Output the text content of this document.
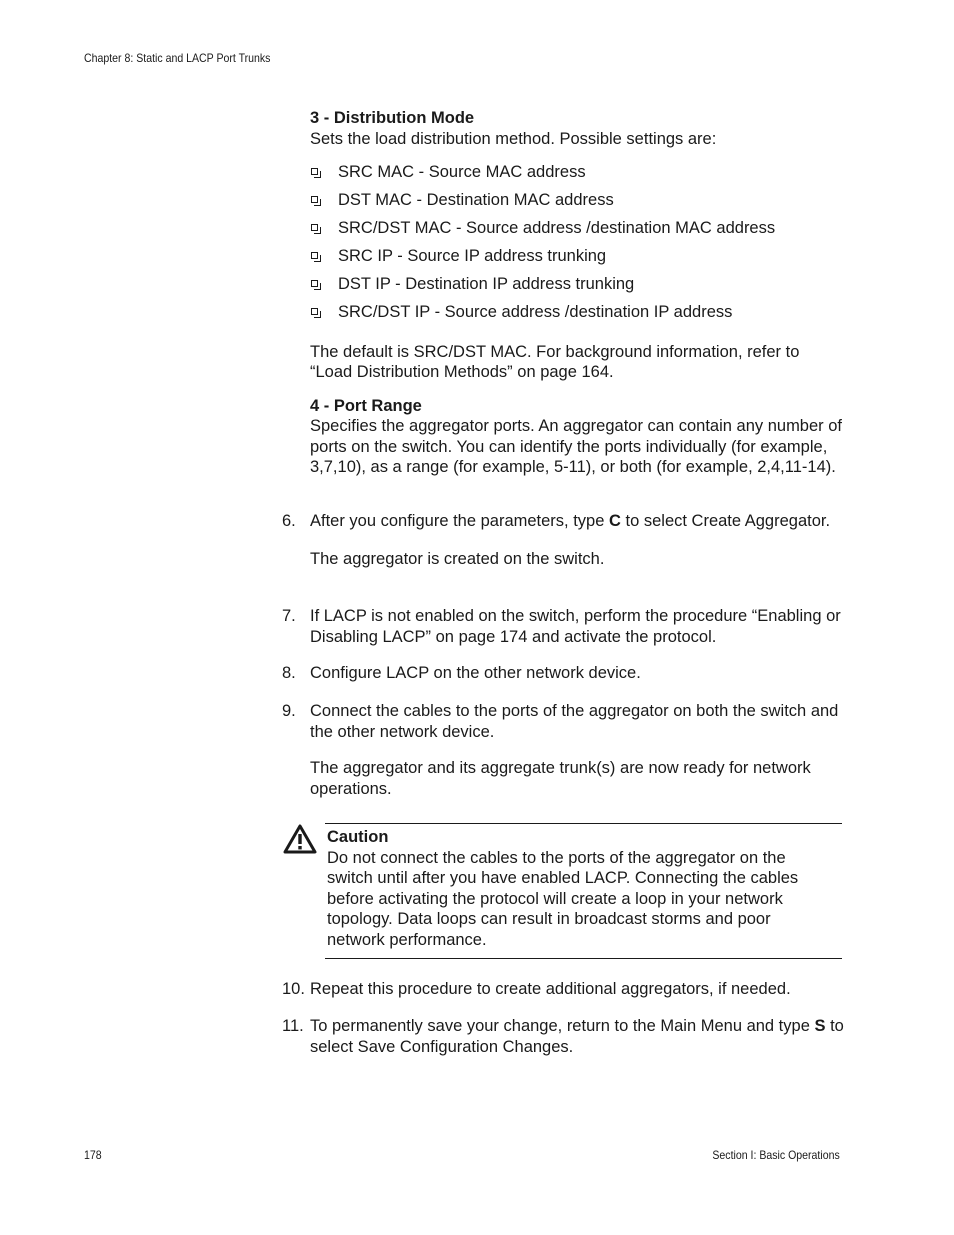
Chapter 8: Static and LACP Port Trunks
3 - Distribution Mode

Sets the load distribution method. Possible settings are:

SRC MAC - Source MAC address
DST MAC - Destination MAC address
SRC/DST MAC - Source address /destination MAC address
SRC IP - Source IP address trunking
DST IP - Destination IP address trunking
SRC/DST IP - Source address /destination IP address

The default is SRC/DST MAC. For background information, refer to “Load Distribution Methods” on page 164.

4 - Port Range

Specifies the aggregator ports. An aggregator can contain any number of ports on the switch. You can identify the ports individually (for example, 3,7,10), as a range (for example, 5-11), or both (for example, 2,4,11-14).

6. After you configure the parameters, type C to select Create Aggregator.
The aggregator is created on the switch.
7. If LACP is not enabled on the switch, perform the procedure “Enabling or Disabling LACP” on page 174 and activate the protocol.
8. Configure LACP on the other network device.
9. Connect the cables to the ports of the aggregator on both the switch and the other network device.
The aggregator and its aggregate trunk(s) are now ready for network operations.
10. Repeat this procedure to create additional aggregators, if needed.
11. To permanently save your change, return to the Main Menu and type S to select Save Configuration Changes.
Caution

Do not connect the cables to the ports of the aggregator on the switch until after you have enabled LACP. Connecting the cables before activating the protocol will create a loop in your network topology. Data loops can result in broadcast storms and poor network performance.

178	Section I: Basic Operations
